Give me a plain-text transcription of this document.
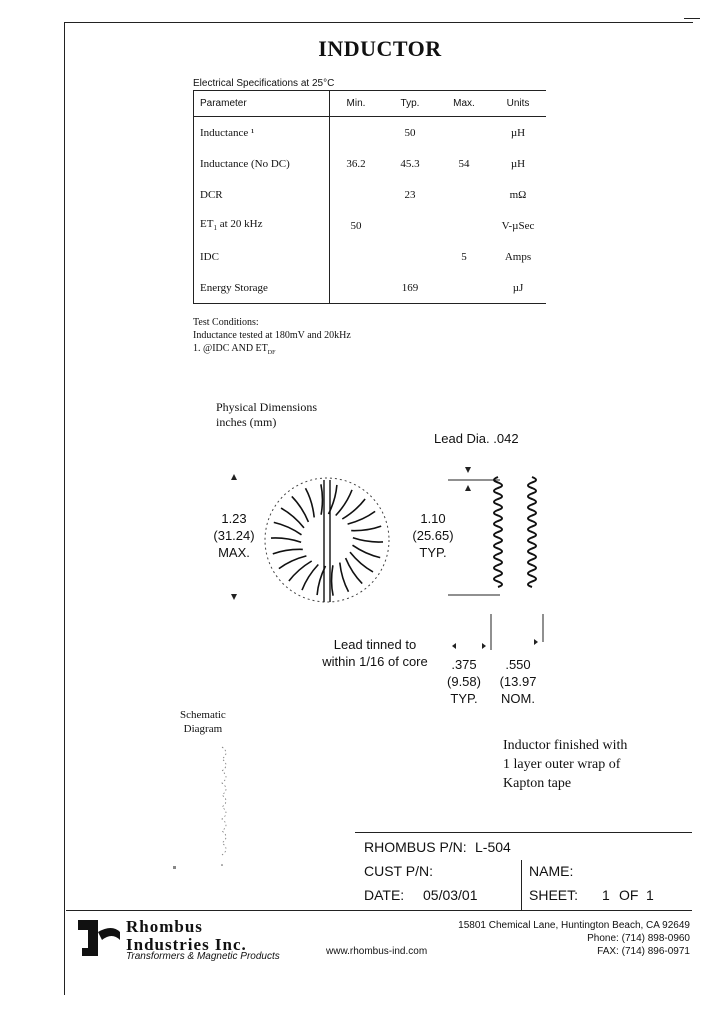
INDUCTOR
Electrical Specifications at 25°C
Parameter	Min.	Typ.	Max.	Units
Inductance ¹		50		µH
Inductance (No DC)	36.2	45.3	54	µH
DCR		23		mΩ
$ET_1$ at 20 kHz	50			V-µSec
IDC			5	Amps
Energy Storage		169		µJ
Test Conditions:
Inductance tested at 180mV and 20kHz
1. @IDC AND $ET_{DF}$
Physical Dimensions
inches (mm)
Lead Dia. .042
1.23
(31.24)
MAX.
1.10
(25.65)
TYP.
Lead tinned to
within 1/16 of core	.375
(9.58)
TYP.
.550
(13.97
NOM.
Schematic
Diagram
Inductor finished with
1 layer outer wrap of
Kapton tape
RHOMBUS P/N: L-504
CUST P/N:	NAME:
DATE: 05/03/01	SHEET: 1 OF 1
Rhombus
Industries Inc.
Transformers & Magnetic Products	www.rhombus-ind.com
15801 Chemical Lane, Huntington Beach, CA 92649
Phone: (714) 898-0960
FAX: (714) 896-0971
